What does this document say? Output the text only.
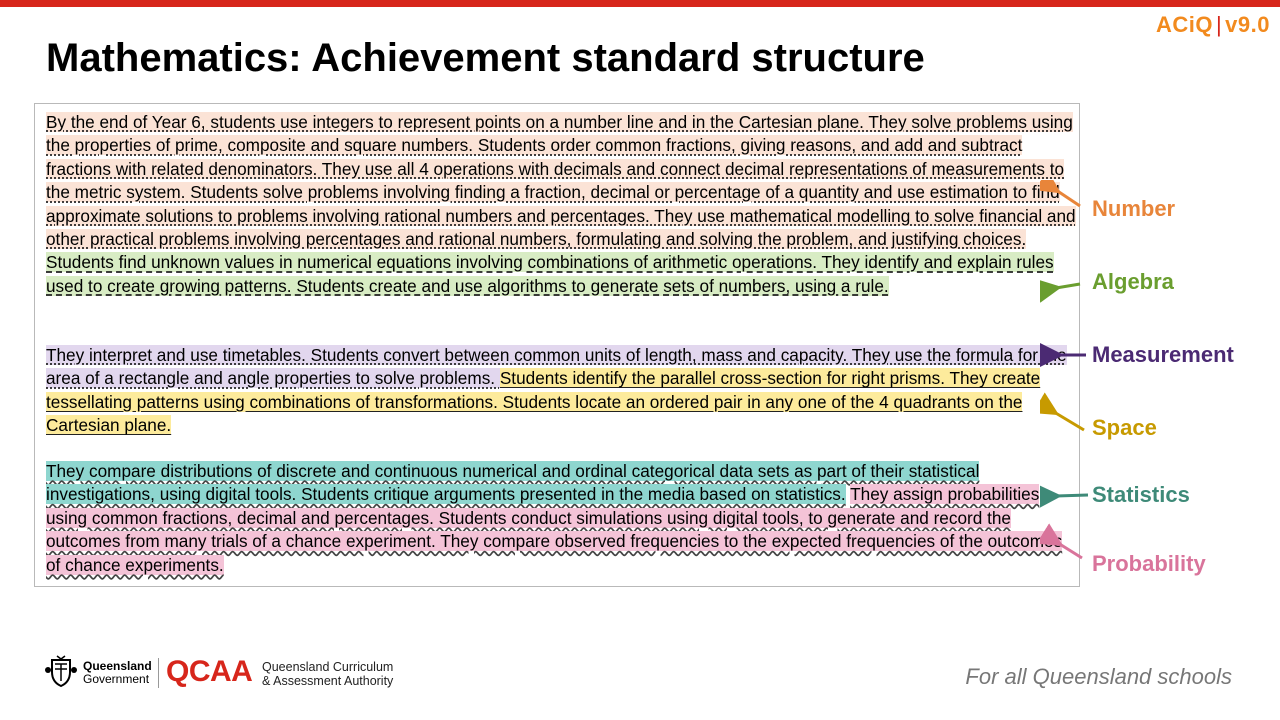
ACiQ | v9.0
Mathematics: Achievement standard structure

By the end of Year 6, students use integers to represent points on a number line and in the Cartesian plane. They solve problems using the properties of prime, composite and square numbers. Students order common fractions, giving reasons, and add and subtract fractions with related denominators. They use all 4 operations with decimals and connect decimal representations of measurements to the metric system. Students solve problems involving finding a fraction, decimal or percentage of a quantity and use estimation to find approximate solutions to problems involving rational numbers and percentages. They use mathematical modelling to solve financial and other practical problems involving percentages and rational numbers, formulating and solving the problem, and justifying choices. Students find unknown values in numerical equations involving combinations of arithmetic operations. They identify and explain rules used to create growing patterns. Students create and use algorithms to generate sets of numbers, using a rule.

They interpret and use timetables. Students convert between common units of length, mass and capacity. They use the formula for the area of a rectangle and angle properties to solve problems. Students identify the parallel cross-section for right prisms. They create tessellating patterns using combinations of transformations. Students locate an ordered pair in any one of the 4 quadrants on the Cartesian plane.

They compare distributions of discrete and continuous numerical and ordinal categorical data sets as part of their statistical investigations, using digital tools. Students critique arguments presented in the media based on statistics. They assign probabilities using common fractions, decimal and percentages. Students conduct simulations using digital tools, to generate and record the outcomes from many trials of a chance experiment. They compare observed frequencies to the expected frequencies of the outcomes of chance experiments.

Number
Algebra
Measurement
Space
Statistics
Probability
Queensland
Government QCAA Queensland Curriculum
& Assessment Authority	For all Queensland schools
